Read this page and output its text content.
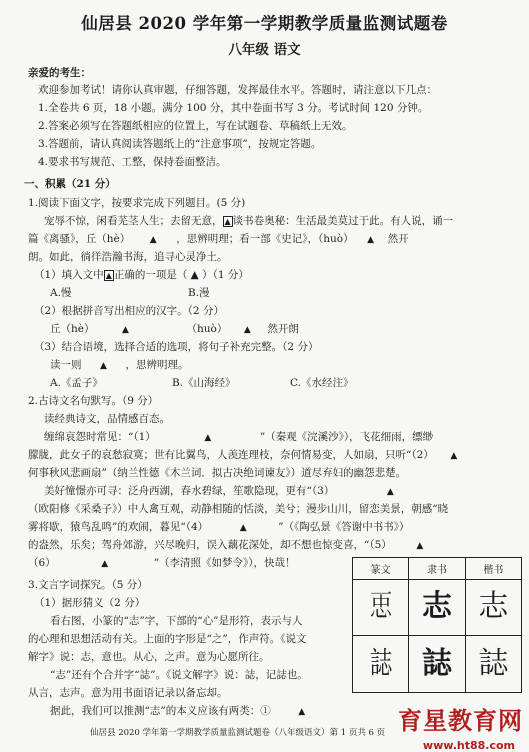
仙居县 2020 学年第一学期教学质量监测试题卷
八年级 语文
亲爱的考生：
欢迎参加考试！请你认真审题，仔细答题，发挥最佳水平。答题时，请注意以下几点：
1.全卷共 6 页，18 小题。满分 100 分，其中卷面书写 3 分。考试时间 120 分钟。
2.答案必须写在答题纸相应的位置上，写在试题卷、草稿纸上无效。
3.答题前，请认真阅读答题纸上的“注意事项”，按规定答题。
4.要求书写规范、工整，保持卷面整洁。
一、积累（21 分）
1.阅读下面文字，按要求完成下列题目。(5 分)
宠辱不惊，闲看芜茎人生；去留无意， ▲ 谈书卷奥秘：生活最美莫过于此。有人说，诵一
篇《离骚》，丘（hè） ▲ ，思辨明理；看一部《史记》，（huò） ▲ 然开
朗。如此，徜徉浩瀚书海，追寻心灵净土。
（1）填入文中 ▲ 正确的一项是（ ▲ ）（1 分）
A.慢	B.漫
（2）根据拼音写出相应的汉字。（2 分）
丘（hè）	▲	（huò） ▲ 然开朗
（3）结合语境，选择合适的选项，将句子补充完整。（2 分）
读一则 ▲ ，思辨明理。
A.《孟子》	B.《山海经》	C.《水经注》
2.古诗文名句默写。（9 分）
读经典诗文，品情感百态。
缠绵哀怨时常见：“（1）	▲	”（秦观《浣溪沙》），飞花细雨，缥缈
朦胧，此女子的哀愁寂寞；世有比翼鸟，人羡连理枝，奈何情易变，人如扇，只听“（2） ▲
何事秋风悲画扇”（纳兰性德《木兰词．拟古决绝词谏友》）道尽弃妇的幽怨悲楚。
美好憧憬亦可寻：泛舟西湖，春水碧绿，笙歌隐现，更有“（3）	▲
（欧阳修《采桑子》）中人禽互观，动静相随的恬淡，美兮；漫步山川，留恋美景，朝感“晓
雾将歇，猿鸟乱鸣”的欢闹，暮见“（4）	▲	”（《陶弘景《答谢中书书》）
的盎然，乐矣；驾舟郊游，兴尽晚归，误入藕花深处，却不想也惊变喜，“（5）	▲
（6）	▲	”（李清照《如梦令》），快哉！
3.文言字词探究。（5 分）
（1）据形猜义（2 分）
看右图，小篆的“志”字，下部的“心”是形符，表示与人
的心理和思想活动有关。上面的字形是“之”，作声符。《说文
解字》说：志，意也。从心，之声。意为心愿所往。
“志”还有个合并字“誌”。《说文解字》说：誌，记誌也。
从言，志声。意为用书面语记录以备忘却。
据此，我们可以推测“志”的本义应该有两类：①	▲
篆文	隶书	楷书
𢘑	志	志
誌	誌	誌
仙居县 2020 学年第一学期教学质量监测试题卷（八年级语文）第 1 页共 6 页 育星教育网
www.ht88.com
